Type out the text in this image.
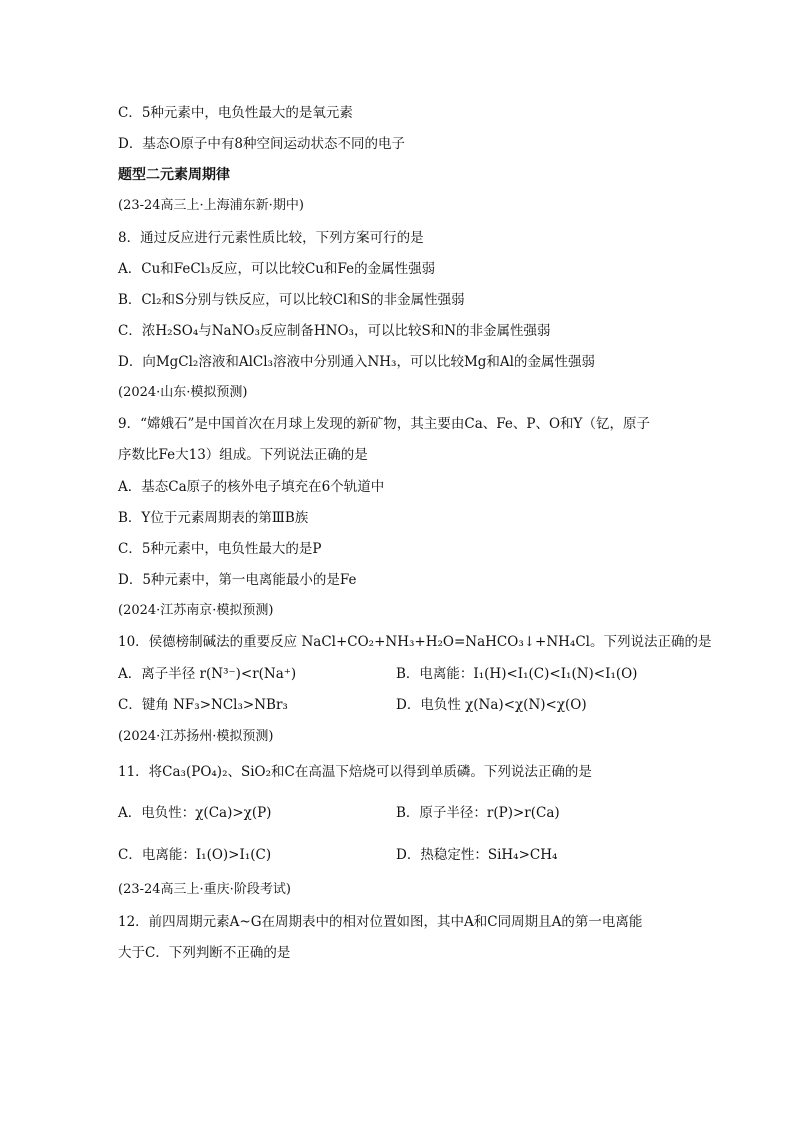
C．5种元素中，电负性最大的是氧元素
D．基态O原子中有8种空间运动状态不同的电子
题型二元素周期律
(23-24高三上·上海浦东新·期中)
8．通过反应进行元素性质比较，下列方案可行的是
A．Cu和FeCl₃反应，可以比较Cu和Fe的金属性强弱
B．Cl₂和S分别与铁反应，可以比较Cl和S的非金属性强弱
C．浓H₂SO₄与NaNO₃反应制备HNO₃，可以比较S和N的非金属性强弱
D．向MgCl₂溶液和AlCl₃溶液中分别通入NH₃，可以比较Mg和Al的金属性强弱
(2024·山东·模拟预测)
9．“嫦娥石”是中国首次在月球上发现的新矿物，其主要由Ca、Fe、P、O和Y（钇，原子
序数比Fe大13）组成。下列说法正确的是
A．基态Ca原子的核外电子填充在6个轨道中
B．Y位于元素周期表的第ⅢB族
C．5种元素中，电负性最大的是P
D．5种元素中，第一电离能最小的是Fe
(2024·江苏南京·模拟预测)
10．侯德榜制碱法的重要反应 NaCl+CO₂+NH₃+H₂O=NaHCO₃↓+NH₄Cl。下列说法正确的是
A．离子半径 r(N³⁻)<r(Na⁺)	B．电离能：I₁(H)<I₁(C)<I₁(N)<I₁(O)
C．键角 NF₃>NCl₃>NBr₃	D．电负性 χ(Na)<χ(N)<χ(O)
(2024·江苏扬州·模拟预测)
11．将Ca₃(PO₄)₂、SiO₂和C在高温下焙烧可以得到单质磷。下列说法正确的是
A．电负性：χ(Ca)>χ(P)	B．原子半径：r(P)>r(Ca)
C．电离能：I₁(O)>I₁(C)	D．热稳定性：SiH₄>CH₄
(23-24高三上·重庆·阶段考试)
12．前四周期元素A~G在周期表中的相对位置如图，其中A和C同周期且A的第一电离能
大于C．下列判断不正确的是
